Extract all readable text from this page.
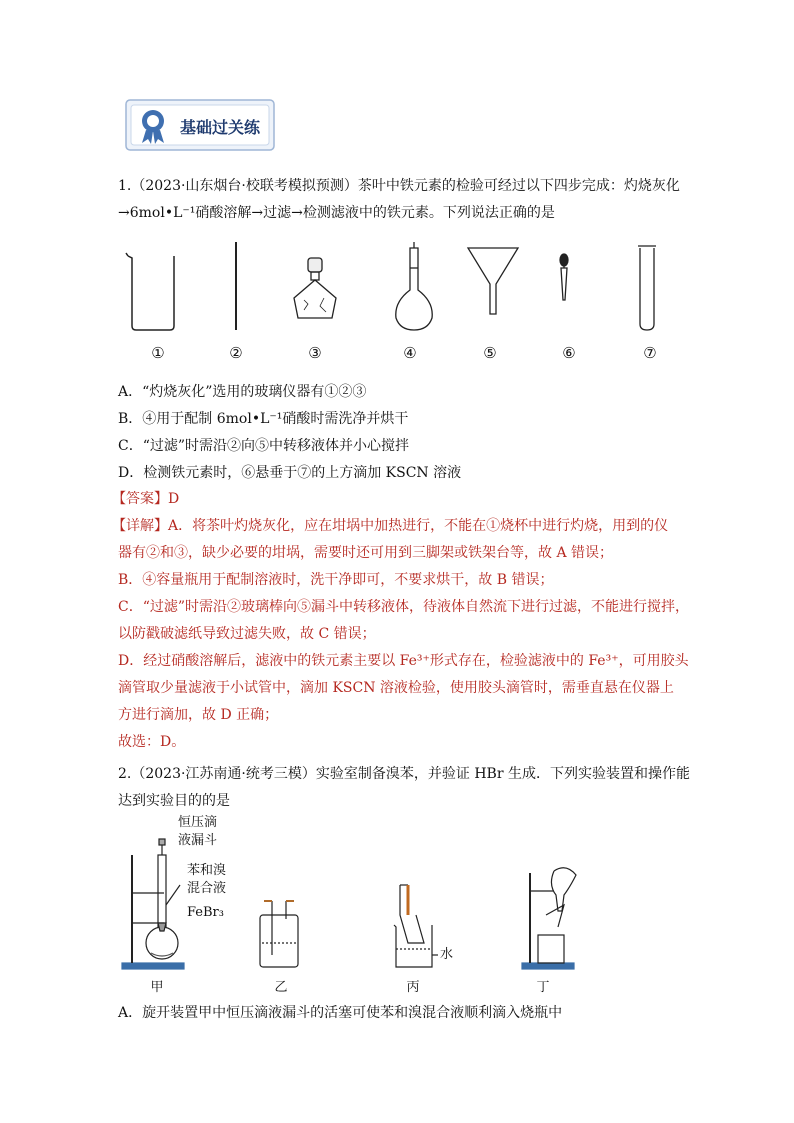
基础过关练
1.（2023·山东烟台·校联考模拟预测）茶叶中铁元素的检验可经过以下四步完成：灼烧灰化
→6mol•L⁻¹硝酸溶解→过滤→检测滤液中的铁元素。下列说法正确的是
①	②	③	④	⑤	⑥	⑦
A．“灼烧灰化”选用的玻璃仪器有①②③
B．④用于配制 6mol•L⁻¹硝酸时需洗净并烘干
C．“过滤”时需沿②向⑤中转移液体并小心搅拌
D．检测铁元素时，⑥悬垂于⑦的上方滴加 KSCN 溶液
【答案】D
【详解】A．将茶叶灼烧灰化，应在坩埚中加热进行，不能在①烧杯中进行灼烧，用到的仪
器有②和③，缺少必要的坩埚，需要时还可用到三脚架或铁架台等，故 A 错误；
B．④容量瓶用于配制溶液时，洗干净即可，不要求烘干，故 B 错误；
C．“过滤”时需沿②玻璃棒向⑤漏斗中转移液体，待液体自然流下进行过滤，不能进行搅拌，
以防戳破滤纸导致过滤失败，故 C 错误；
D．经过硝酸溶解后，滤液中的铁元素主要以 Fe³⁺形式存在，检验滤液中的 Fe³⁺，可用胶头
滴管取少量滤液于小试管中，滴加 KSCN 溶液检验，使用胶头滴管时，需垂直悬在仪器上
方进行滴加，故 D 正确；
故选：D。
2.（2023·江苏南通·统考三模）实验室制备溴苯，并验证 HBr 生成．下列实验装置和操作能
达到实验目的的是
恒压滴
液漏斗
苯和溴
混合液
FeBr₃
水
甲	乙	丙	丁
A．旋开装置甲中恒压滴液漏斗的活塞可使苯和溴混合液顺利滴入烧瓶中
